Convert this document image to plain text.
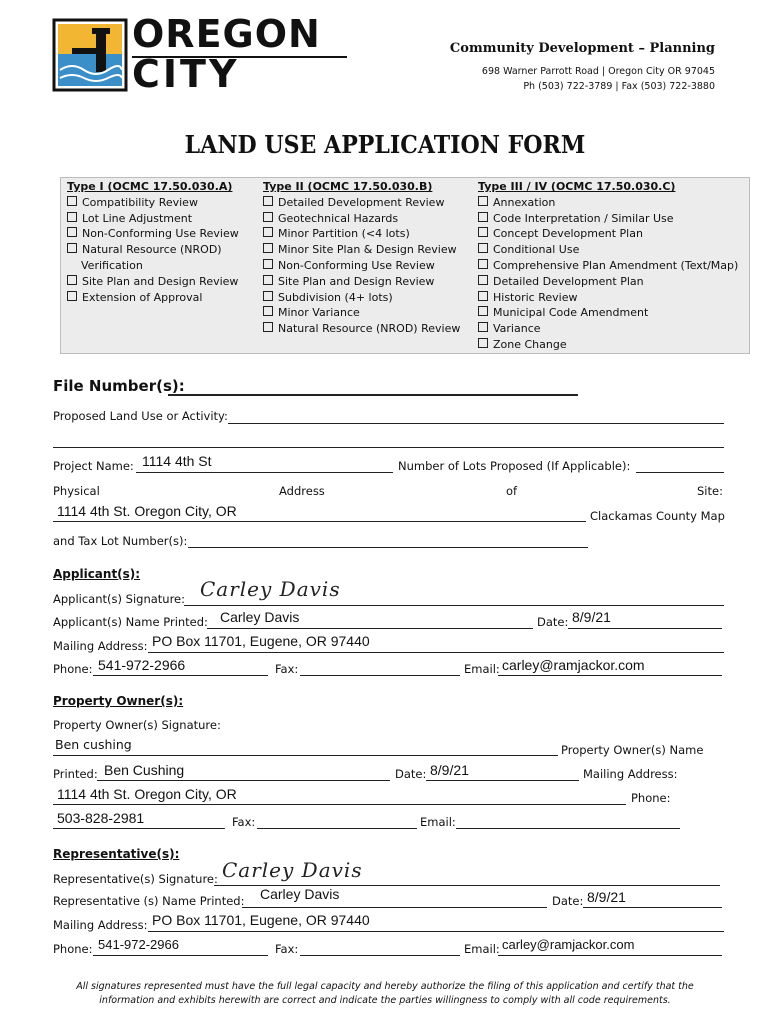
OREGON
CITY
Community Development – Planning
698 Warner Parrott Road | Oregon City OR 97045
Ph (503) 722-3789 | Fax (503) 722-3880
LAND USE APPLICATION FORM
Type I (OCMC 17.50.030.A)
Compatibility Review
Lot Line Adjustment
Non-Conforming Use Review
Natural Resource (NROD)
Verification
Site Plan and Design Review
Extension of Approval
Type II (OCMC 17.50.030.B)
Detailed Development Review
Geotechnical Hazards
Minor Partition (<4 lots)
Minor Site Plan & Design Review
Non-Conforming Use Review
Site Plan and Design Review
Subdivision (4+ lots)
Minor Variance
Natural Resource (NROD) Review
Type III / IV (OCMC 17.50.030.C)
Annexation
Code Interpretation / Similar Use
Concept Development Plan
Conditional Use
Comprehensive Plan Amendment (Text/Map)
Detailed Development Plan
Historic Review
Municipal Code Amendment
Variance
Zone Change
File Number(s):
Proposed Land Use or Activity:
Project Name: 1114 4th St	Number of Lots Proposed (If Applicable):
Physical	Address	of	Site:
1114 4th St. Oregon City, OR	Clackamas County Map
and Tax Lot Number(s):
Applicant(s):
Applicant(s) Signature: Carley Davis
Applicant(s) Name Printed: Carley Davis	Date: 8/9/21
Mailing Address: PO Box 11701, Eugene, OR 97440
Phone: 541-972-2966	Fax:	Email: carley@ramjackor.com
Property Owner(s):
Property Owner(s) Signature:
Ben cushing	Property Owner(s) Name
Printed: Ben Cushing	Date: 8/9/21	Mailing Address:
1114 4th St. Oregon City, OR	Phone:
503-828-2981	Fax:	Email:
Representative(s):
Representative(s) Signature: Carley Davis
Representative (s) Name Printed: Carley Davis	Date: 8/9/21
Mailing Address: PO Box 11701, Eugene, OR 97440
Phone: 541-972-2966	Fax:	Email: carley@ramjackor.com
All signatures represented must have the full legal capacity and hereby authorize the filing of this application and certify that the
information and exhibits herewith are correct and indicate the parties willingness to comply with all code requirements.
